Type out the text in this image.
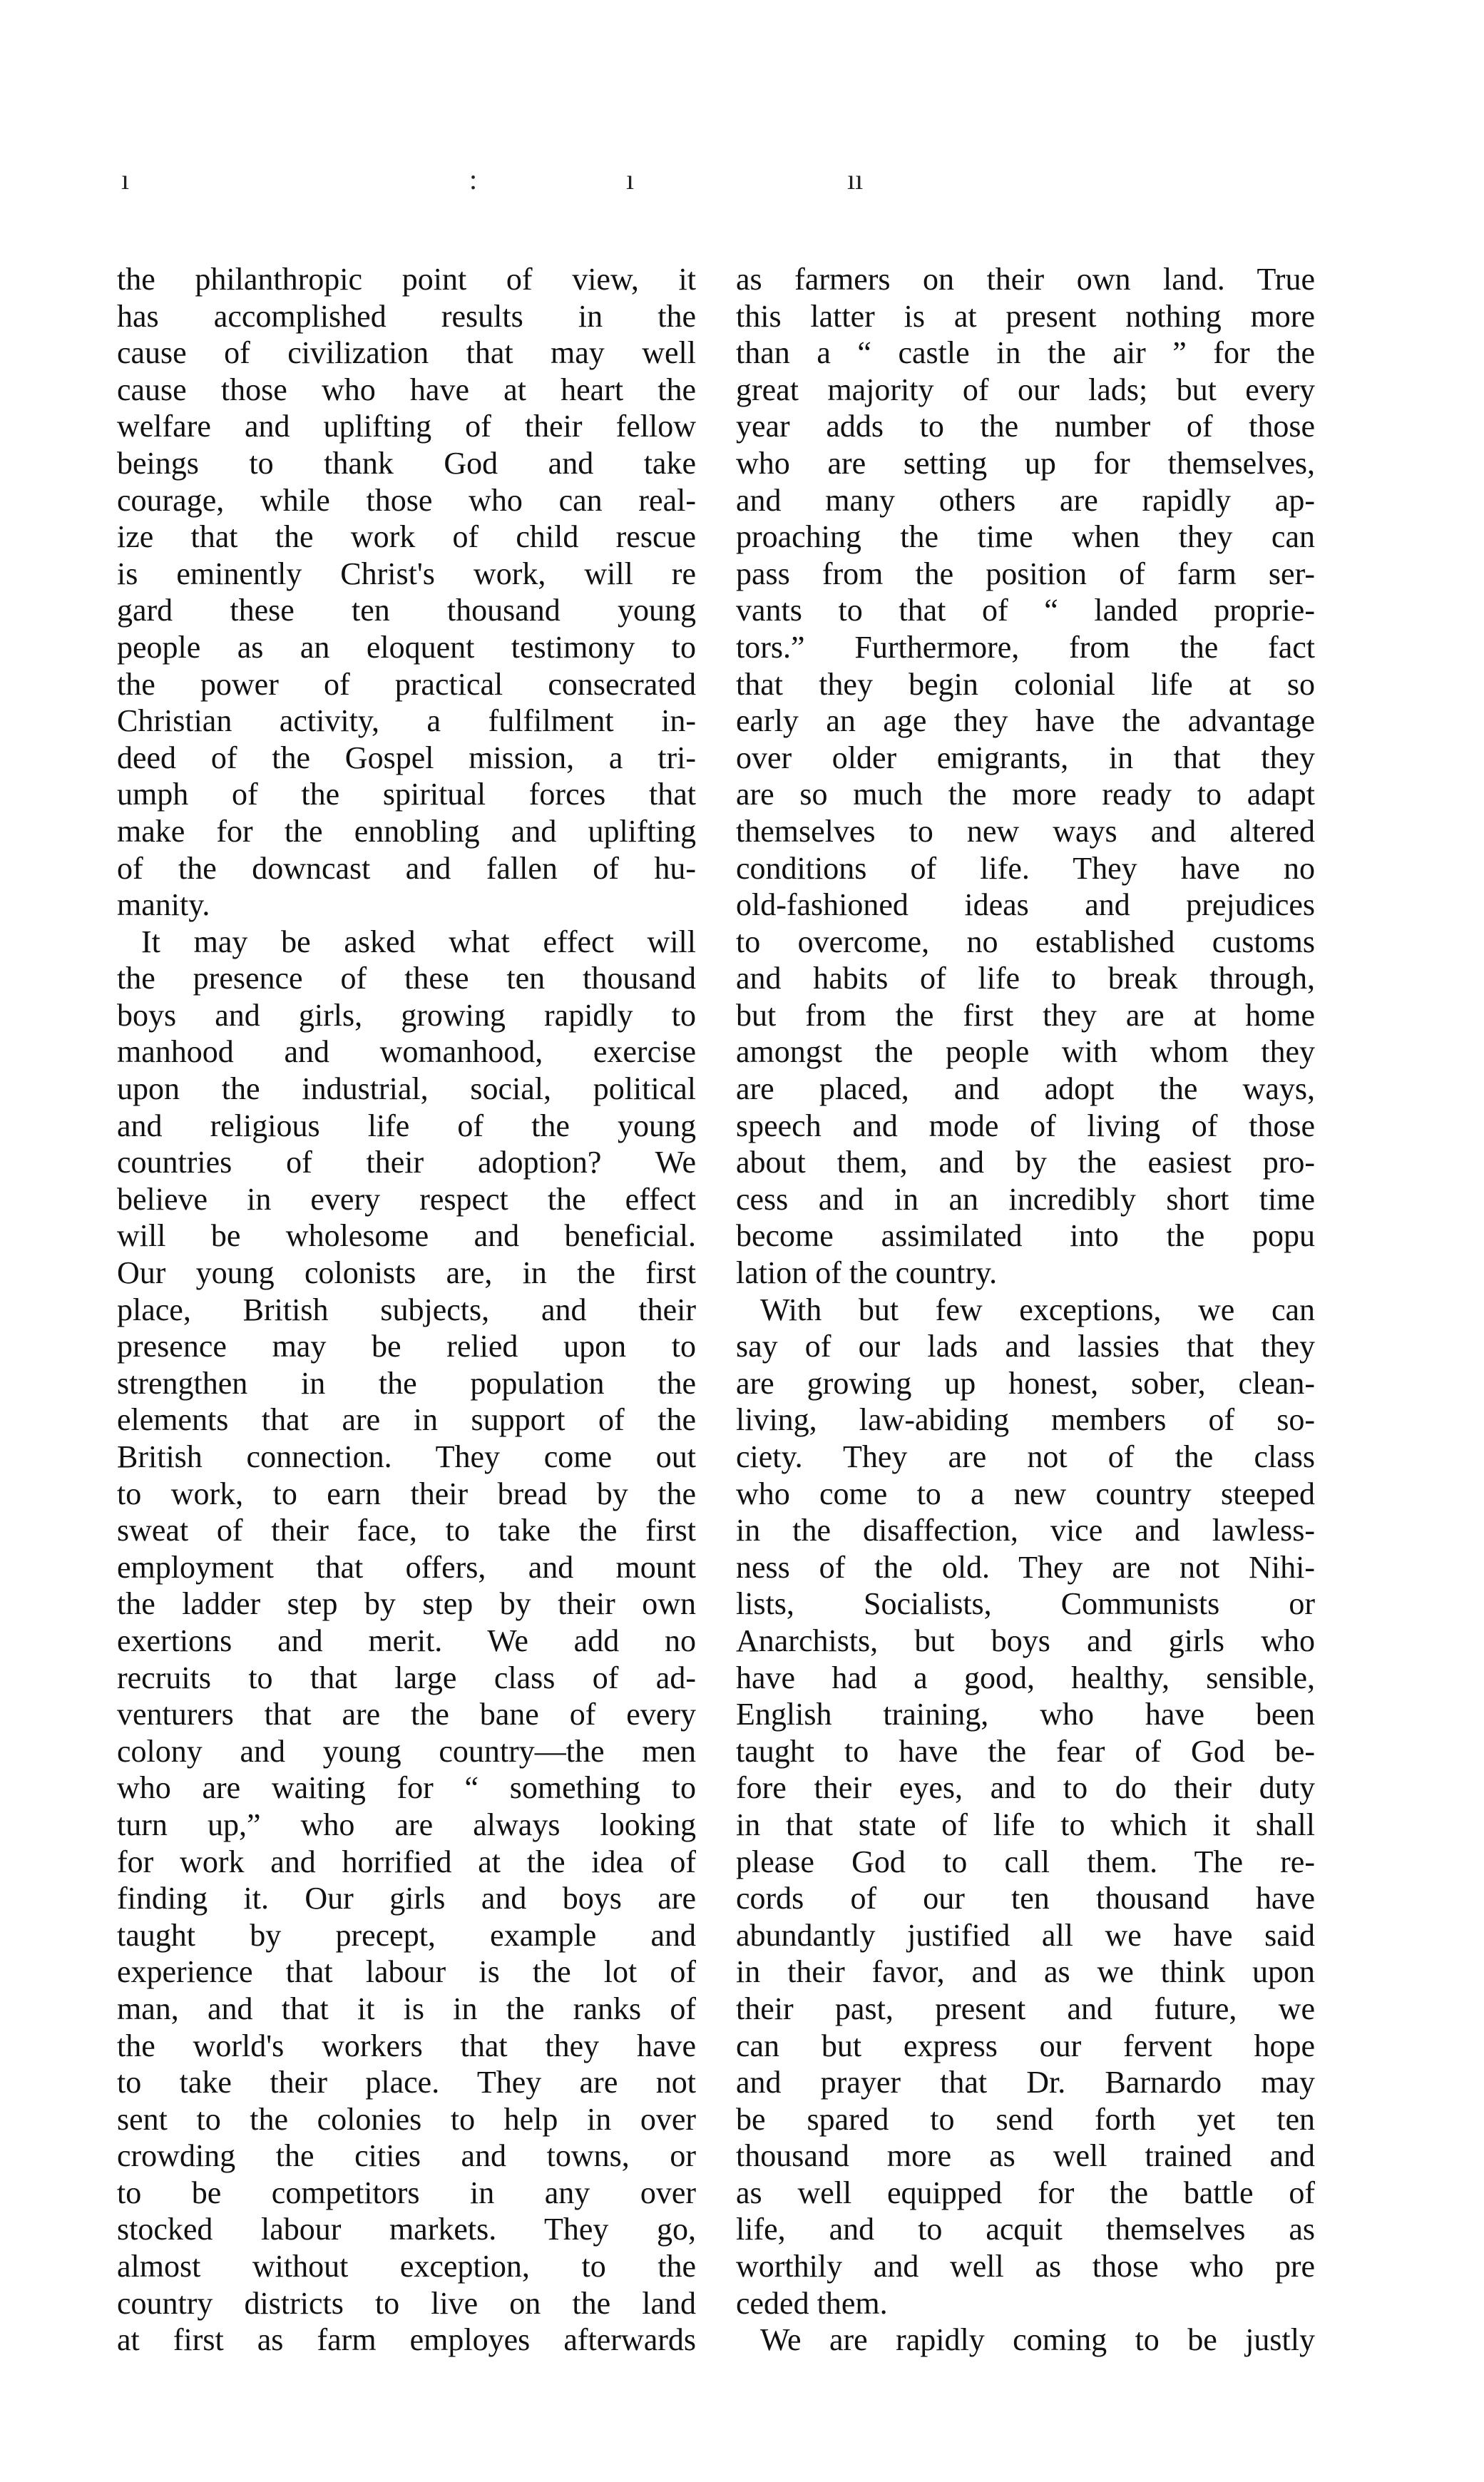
ı	:	ı	ıı
the philanthropic point of view, it
has accomplished results in the
cause of civilization that may well
cause those who have at heart the
welfare and uplifting of their fellow
beings to thank God and take
courage, while those who can real-
ize that the work of child rescue
is eminently Christ's work, will re
gard these ten thousand young
people as an eloquent testimony to
the power of practical consecrated
Christian activity, a fulfilment in-
deed of the Gospel mission, a tri-
umph of the spiritual forces that
make for the ennobling and uplifting
of the downcast and fallen of hu-
manity.
It may be asked what effect will
the presence of these ten thousand
boys and girls, growing rapidly to
manhood and womanhood, exercise
upon the industrial, social, political
and religious life of the young
countries of their adoption? We
believe in every respect the effect
will be wholesome and beneficial.
Our young colonists are, in the first
place, British subjects, and their
presence may be relied upon to
strengthen in the population the
elements that are in support of the
British connection. They come out
to work, to earn their bread by the
sweat of their face, to take the first
employment that offers, and mount
the ladder step by step by their own
exertions and merit. We add no
recruits to that large class of ad-
venturers that are the bane of every
colony and young country—the men
who are waiting for “ something to
turn up,” who are always looking
for work and horrified at the idea of
finding it. Our girls and boys are
taught by precept, example and
experience that labour is the lot of
man, and that it is in the ranks of
the world's workers that they have
to take their place. They are not
sent to the colonies to help in over
crowding the cities and towns, or
to be competitors in any over
stocked labour markets. They go,
almost without exception, to the
country districts to live on the land
at first as farm employes afterwards
as farmers on their own land. True
this latter is at present nothing more
than a “ castle in the air ” for the
great majority of our lads; but every
year adds to the number of those
who are setting up for themselves,
and many others are rapidly ap-
proaching the time when they can
pass from the position of farm ser-
vants to that of “ landed proprie-
tors.” Furthermore, from the fact
that they begin colonial life at so
early an age they have the advantage
over older emigrants, in that they
are so much the more ready to adapt
themselves to new ways and altered
conditions of life. They have no
old-fashioned ideas and prejudices
to overcome, no established customs
and habits of life to break through,
but from the first they are at home
amongst the people with whom they
are placed, and adopt the ways,
speech and mode of living of those
about them, and by the easiest pro-
cess and in an incredibly short time
become assimilated into the popu
lation of the country.
With but few exceptions, we can
say of our lads and lassies that they
are growing up honest, sober, clean-
living, law-abiding members of so-
ciety. They are not of the class
who come to a new country steeped
in the disaffection, vice and lawless-
ness of the old. They are not Nihi-
lists, Socialists, Communists or
Anarchists, but boys and girls who
have had a good, healthy, sensible,
English training, who have been
taught to have the fear of God be-
fore their eyes, and to do their duty
in that state of life to which it shall
please God to call them. The re-
cords of our ten thousand have
abundantly justified all we have said
in their favor, and as we think upon
their past, present and future, we
can but express our fervent hope
and prayer that Dr. Barnardo may
be spared to send forth yet ten
thousand more as well trained and
as well equipped for the battle of
life, and to acquit themselves as
worthily and well as those who pre
ceded them.
We are rapidly coming to be justly
